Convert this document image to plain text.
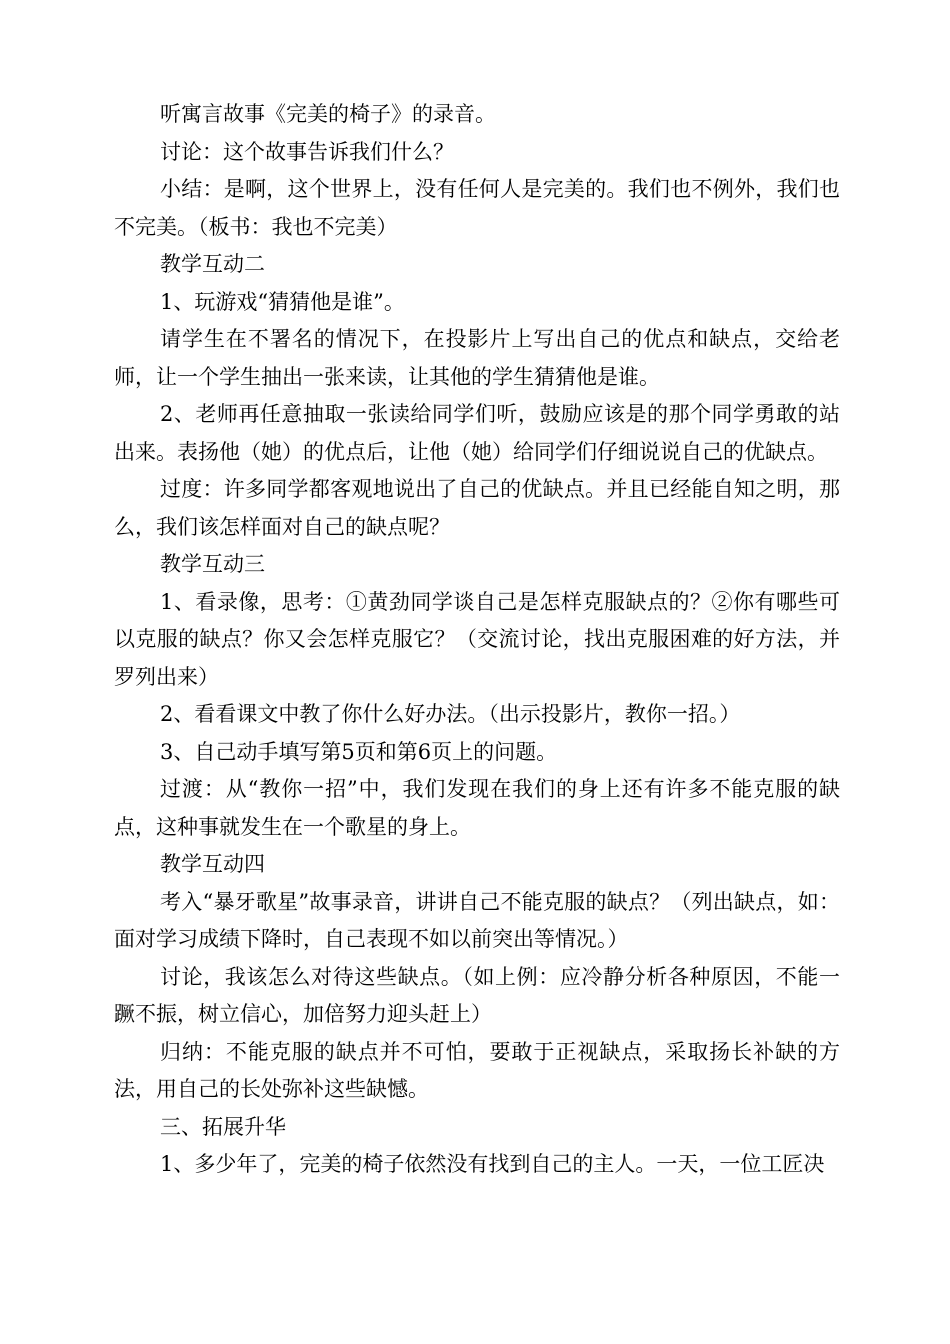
听寓言故事《完美的椅子》的录音。

讨论：这个故事告诉我们什么？

小结：是啊，这个世界上，没有任何人是完美的。我们也不例外，我们也不完美。（板书：我也不完美）

教学互动二

1、玩游戏“猜猜他是谁”。

请学生在不署名的情况下，在投影片上写出自己的优点和缺点，交给老师，让一个学生抽出一张来读，让其他的学生猜猜他是谁。

2、老师再任意抽取一张读给同学们听，鼓励应该是的那个同学勇敢的站出来。表扬他（她）的优点后，让他（她）给同学们仔细说说自己的优缺点。

过度：许多同学都客观地说出了自己的优缺点。并且已经能自知之明，那么，我们该怎样面对自己的缺点呢？

教学互动三

1、看录像，思考：①黄劲同学谈自己是怎样克服缺点的？②你有哪些可以克服的缺点？你又会怎样克服它？（交流讨论，找出克服困难的好方法，并罗列出来）

2、看看课文中教了你什么好办法。（出示投影片，教你一招。）

3、自己动手填写第5页和第6页上的问题。

过渡：从“教你一招”中，我们发现在我们的身上还有许多不能克服的缺点，这种事就发生在一个歌星的身上。

教学互动四

考入“暴牙歌星”故事录音，讲讲自己不能克服的缺点？（列出缺点，如：面对学习成绩下降时，自己表现不如以前突出等情况。）

讨论，我该怎么对待这些缺点。（如上例：应冷静分析各种原因，不能一蹶不振，树立信心，加倍努力迎头赶上）

归纳：不能克服的缺点并不可怕，要敢于正视缺点，采取扬长补缺的方法，用自己的长处弥补这些缺憾。

三、拓展升华

1、多少年了，完美的椅子依然没有找到自己的主人。一天，一位工匠决
